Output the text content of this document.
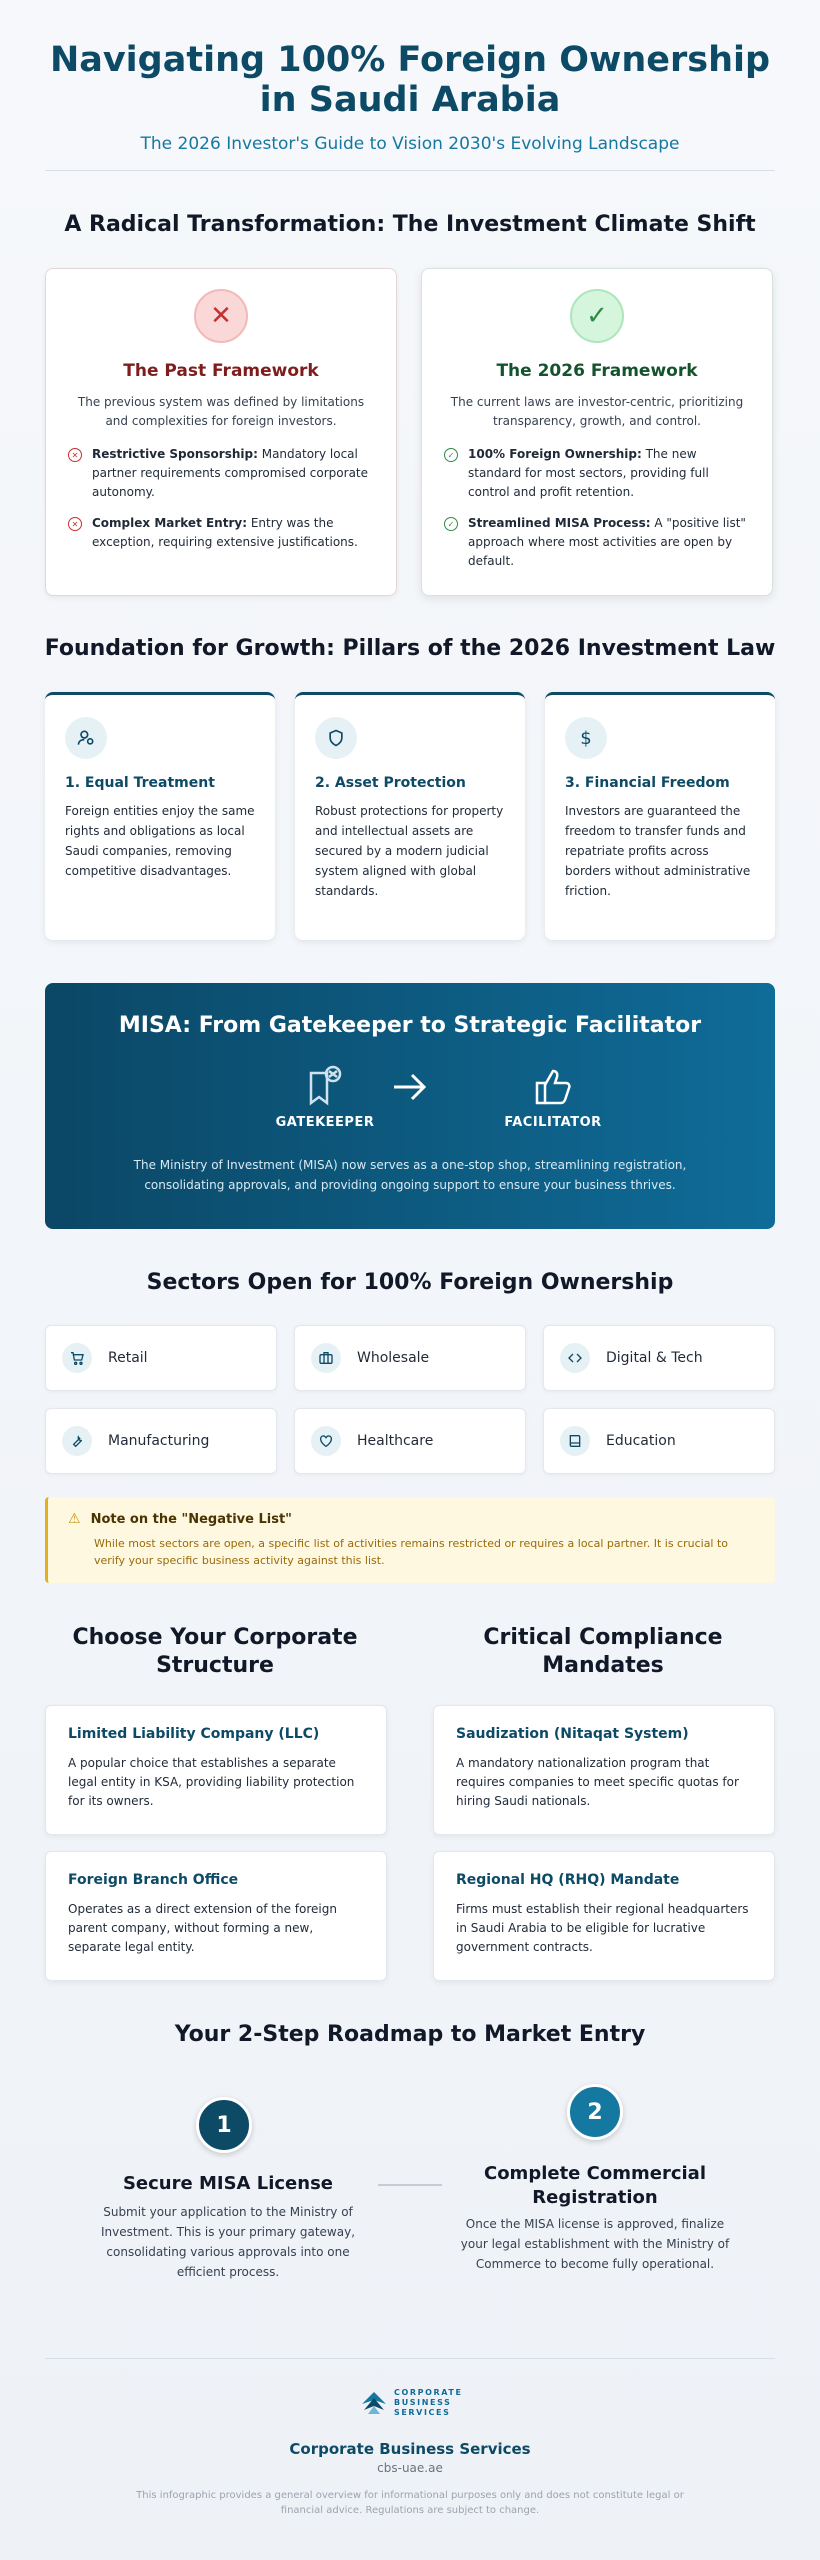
Navigating 100% Foreign Ownership in Saudi Arabia
The 2026 Investor's Guide to Vision 2030's Evolving Landscape
A Radical Transformation: The Investment Climate Shift
✕
The Past Framework
The previous system was defined by limitations and complexities for foreign investors.
✕	Restrictive Sponsorship: Mandatory local partner requirements compromised corporate autonomy.
✕	Complex Market Entry: Entry was the exception, requiring extensive justifications.
✓
The 2026 Framework
The current laws are investor-centric, prioritizing transparency, growth, and control.
✓	100% Foreign Ownership: The new standard for most sectors, providing full control and profit retention.
✓	Streamlined MISA Process: A "positive list" approach where most activities are open by default.
Foundation for Growth: Pillars of the 2026 Investment Law
1. Equal Treatment
Foreign entities enjoy the same rights and obligations as local Saudi companies, removing competitive disadvantages.
2. Asset Protection
Robust protections for property and intellectual assets are secured by a modern judicial system aligned with global standards.
$
3. Financial Freedom
Investors are guaranteed the freedom to transfer funds and repatriate profits across borders without administrative friction.
MISA: From Gatekeeper to Strategic Facilitator
GATEKEEPER	FACILITATOR

The Ministry of Investment (MISA) now serves as a one-stop shop, streamlining registration, consolidating approvals, and providing ongoing support to ensure your business thrives.

Sectors Open for 100% Foreign Ownership
Retail	Wholesale	Digital & Tech
Manufacturing	Healthcare	Education
⚠ Note on the "Negative List"
While most sectors are open, a specific list of activities remains restricted or requires a local partner. It is crucial to verify your specific business activity against this list.
Choose Your Corporate Structure
Critical Compliance Mandates
Limited Liability Company (LLC)

A popular choice that establishes a separate legal entity in KSA, providing liability protection for its owners.

Foreign Branch Office

Operates as a direct extension of the foreign parent company, without forming a new, separate legal entity.

Saudization (Nitaqat System)

A mandatory nationalization program that requires companies to meet specific quotas for hiring Saudi nationals.

Regional HQ (RHQ) Mandate

Firms must establish their regional headquarters in Saudi Arabia to be eligible for lucrative government contracts.

Your 2-Step Roadmap to Market Entry
1
Secure MISA License
Submit your application to the Ministry of Investment. This is your primary gateway, consolidating various approvals into one efficient process.
2
Complete Commercial Registration
Once the MISA license is approved, finalize your legal establishment with the Ministry of Commerce to become fully operational.
CORPORATE
BUSINESS
SERVICES
Corporate Business Services
cbs-uae.ae
This infographic provides a general overview for informational purposes only and does not constitute legal or financial advice. Regulations are subject to change.
